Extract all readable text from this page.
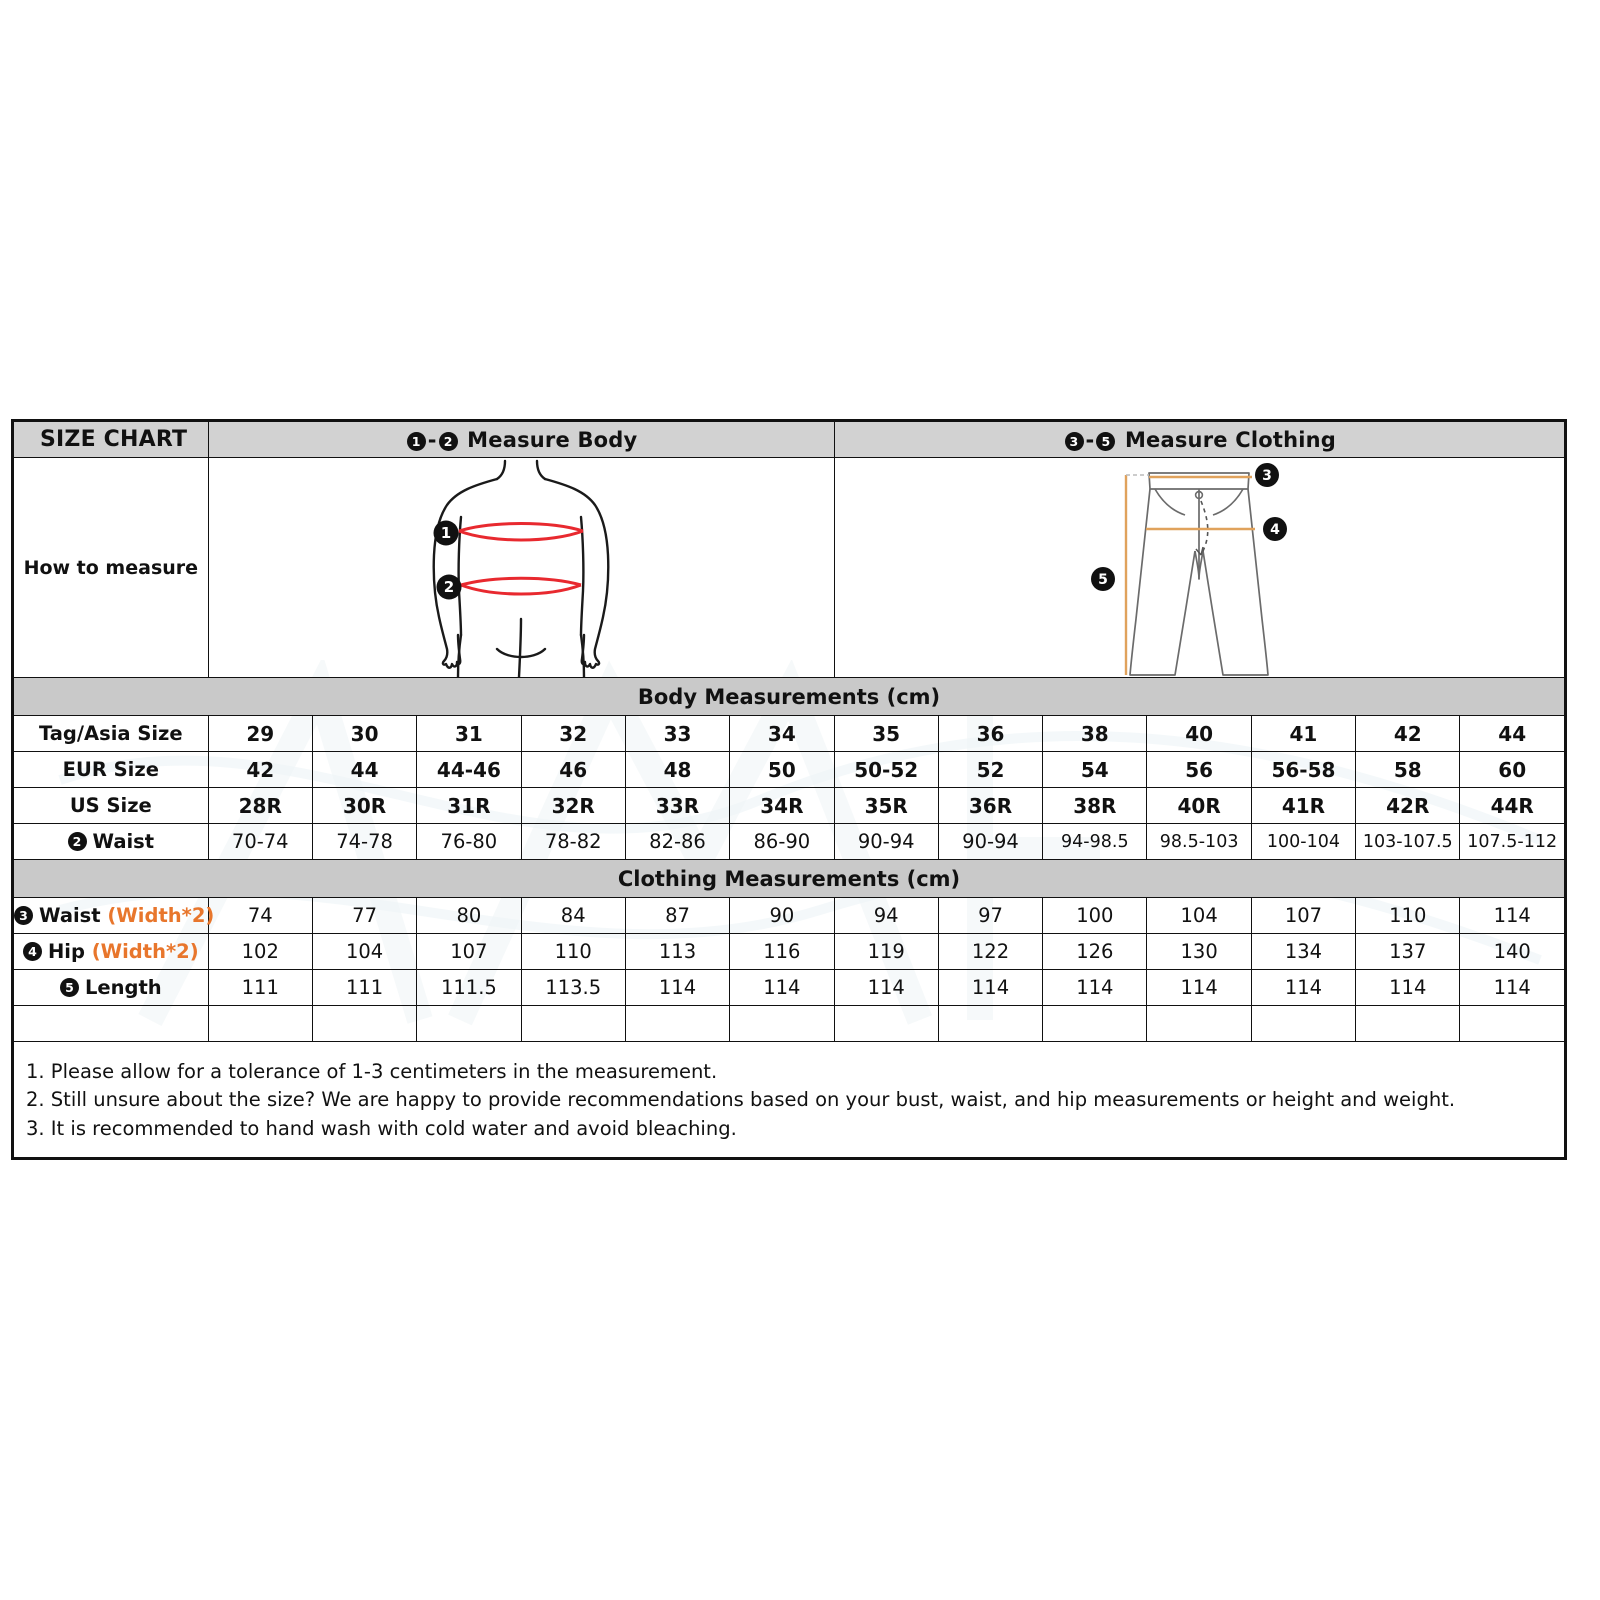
SIZE CHART	1 - 2 Measure Body						3 - 5 Measure Clothing						
How to measure	1
2						3
4
5						

Body Measurements (cm)													
Tag/Asia Size	29	30	31	32	33	34	35	36	38	40	41	42	44
EUR Size	42	44	44-46	46	48	50	50-52	52	54	56	56-58	58	60
US Size	28R	30R	31R	32R	33R	34R	35R	36R	38R	40R	41R	42R	44R
2 Waist	70-74	74-78	76-80	78-82	82-86	86-90	90-94	90-94	94-98.5	98.5-103	100-104	103-107.5	107.5-112
Clothing Measurements (cm)													
3 Waist (Width*2)	74	77	80	84	87	90	94	97	100	104	107	110	114
4 Hip (Width*2)	102	104	107	110	113	116	119	122	126	130	134	137	140
5 Length	111	111	111.5	113.5	114	114	114	114	114	114	114	114	114

1. Please allow for a tolerance of 1-3 centimeters in the measurement.
2. Still unsure about the size? We are happy to provide recommendations based on your bust, waist, and hip measurements or height and weight.
3. It is recommended to hand wash with cold water and avoid bleaching.
